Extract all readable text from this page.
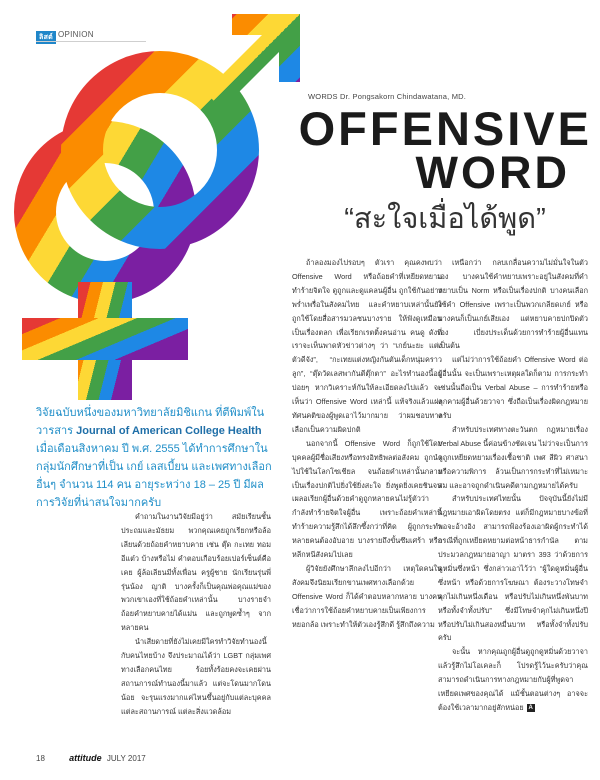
ลิสต์ OPINION
WORDS Dr. Pongsakorn Chindawatana, MD.
OFFENSIVE
WORD
“สะใจเมื่อได้พูด”
วิจัยฉบับหนึ่งของมหาวิทยาลัยมิชิแกน ที่ตีพิมพ์ในวารสาร Journal of American College Health เมื่อเดือนสิงหาคม ปี พ.ศ. 2555 ได้ทำการศึกษาในกลุ่มนักศึกษาที่เป็น เกย์ เลสเบี้ยน และเพศทางเลือกอื่นๆ จำนวน 114 คน อายุระหว่าง 18 – 25 ปี มีผลการวิจัยที่น่าสนใจมากครับ

คำถามในงานวิจัยมีอยู่ว่า สมัยเรียนชั้นประถมและมัธยม พวกคุณเคยถูกเรียกหรือล้อเลียนด้วยถ้อยคำหยาบคาย เช่น ตุ๊ด กะเทย ทอม อีแต๋ว บ้างหรือไม่ คำตอบเกือบร้อยเปอร์เซ็นต์คือเคย ผู้ล้อเลียนมีทั้งเพื่อน ครูผู้ชาย นักเรียนรุ่นพี่รุ่นน้อง ญาติ บางครั้งก็เป็นคุณพ่อคุณแม่ของพวกเขาเองที่ใช้ถ้อยคำเหล่านั้น บางรายจำถ้อยคำหยาบคายได้แม่น และถูกพูดซ้ำๆ จากหลายคน

นำเสียดายที่ยังไม่เคยมีใครทำวิจัยทำนองนี้กับคนไทยบ้าง จึงประมาณได้ว่า LGBT กลุ่มเพศทางเลือกคนไทย ร้อยทั้งร้อยคงจะเคยผ่านสถานการณ์ทำนองนี้มาแล้ว แต่จะโดนมากโดนน้อย จะรุนแรงมากแค่ไหนขึ้นอยู่กับแต่ละบุคคล แต่ละสถานการณ์ แต่ละสิ่งแวดล้อม

ถ้าลองมองไปรอบๆ ตัวเรา คุณคงพบว่า Offensive Word หรือถ้อยคำที่เหยียดหยาม ทำร้ายจิตใจ ดูถูกและดูแคลนผู้อื่น ถูกใช้กันอย่างพร่ำเพรื่อในสังคมไทย และคำหยาบเหล่านั้นยังถูกใช้โดยสื่อสารมวลชนบางราย ให้ฟังดูเหมือนเป็นเรื่องตลก เพื่อเรียกเรตติ้งคนอ่าน คนดู ดังที่เราจะเห็นพาดหัวข่าวต่างๆ ว่า “เกย์นะยะ แต่งตัวดีจัง”, “กะเทยแต่งหญิงกันตันเด็กหนุ่มคราวลูก”, “ตุ๊ดวัดเลสพากันตีตุ๊กตา” อะไรทำนองนี้อยู่บ่อยๆ หากวิเคราะห์กันให้ละเอียดลงไปแล้ว จะเห็นว่า Offensive Word เหล่านี้ แท้จริงแล้วแฝงทัศนคติของผู้พูดเอาไว้มากมาย ว่าผมชอบทางเลือกเป็นความผิดปกติ

นอกจากนี้ Offensive Word ก็ถูกใช้โดยบุคคลผู้มีชื่อเสียงหรือทรงอิทธิพลต่อสังคม ถูกนำไปใช้ในโลกโซเชียล จนถ้อยคำเหล่านั้นกลายเป็นเรื่องปกติไปยิ่งใช้ยิ่งสะใจ ยิ่งพูดยิ่งเคยชินจนเผลอเรียกผู้อื่นด้วยคำดูถูกหลายคนไม่รู้ตัวว่ากำลังทำร้ายจิตใจผู้อื่น เพราะถ้อยคำเหล่านี้ทำร้ายความรู้สึกได้ลึกซึ้งกว่าที่คิด ผู้ถูกกระทำหลายคนต้องอับอาย บางรายถึงขั้นซึมเศร้า หรือหลีกหนีสังคมไปเลย

ผู้วิจัยยังศึกษาลึกลงไปอีกว่า เหตุใดคนในสังคมจึงนิยมเรียกขานเพศทางเลือกด้วย Offensive Word ก็ได้คำตอบหลากหลาย บางคนเชื่อว่าการใช้ถ้อยคำหยาบคายเป็นเพียงการหยอกล้อ เพราะทำให้ตัวเองรู้สึกดี รู้สึกถึงความ

เหนือกว่า กลบเกลื่อนความไม่มั่นใจในตัวเอง บางคนใช้คำหยาบเพราะอยู่ในสังคมที่คำหยาบเป็น Norm หรือเป็นเรื่องปกติ บางคนเลือกใช้คำ Offensive เพราะเป็นพวกเกลียดเกย์ หรือบางคนก็เป็นเกย์เสียเอง แต่หยาบคายปกปิดตัวเอง เบี่ยงประเด็นด้วยการทำร้ายผู้อื่นแทน เป็นต้น

แต่ไม่ว่าการใช้ถ้อยคำ Offensive Word ต่อผู้อื่นนั้น จะเป็นเพราะเหตุผลใดก็ตาม การกระทำเช่นนั้นถือเป็น Verbal Abuse – การทำร้ายหรือคุกคามผู้อื่นด้วยวาจา ซึ่งถือเป็นเรื่องผิดกฎหมายครับ

สำหรับประเทศทางตะวันตก กฎหมายเรื่อง Verbal Abuse นี้ค่อนข้างชัดเจน ไม่ว่าจะเป็นการดูถูกเหยียดหยามเรื่องเชื้อชาติ เพศ สีผิว ศาสนา หรือความพิการ ล้วนเป็นการกระทำที่ไม่เหมาะสม และอาจถูกดำเนินคดีตามกฎหมายได้ครับ

สำหรับประเทศไทยนั้น ปัจจุบันนี้ยังไม่มีกฎหมายเอาผิดโดยตรง แต่ก็มีกฎหมายบางข้อที่พอจะอ้างอิง สามารถฟ้องร้องเอาผิดผู้กระทำได้ กรณีที่ถูกเหยียดหยามต่อหน้าธารกำนัล ตามประมวลกฎหมายอาญา มาตรา 393 ว่าด้วยการดูหมิ่นซึ่งหน้า ซึ่งกล่าวเอาไว้ว่า “ผู้ใดดูหมิ่นผู้อื่นซึ่งหน้า หรือด้วยการโฆษณา ต้องระวางโทษจำคุกไม่เกินหนึ่งเดือน หรือปรับไม่เกินหนึ่งพันบาท หรือทั้งจำทั้งปรับ” ซึ่งมีโทษจำคุกไม่เกินหนึ่งปี หรือปรับไม่เกินสองหมื่นบาท หรือทั้งจำทั้งปรับครับ

จะนั้น หากคุณถูกผู้อื่นดูถูกดูหมิ่นด้วยวาจาแล้วรู้สึกไม่โอเคละก็ โปรดรู้ไว้นะครับว่าคุณสามารถดำเนินการทางกฎหมายกับผู้ที่พูดจาเหยียดเพศของคุณได้ แม้ชั้นตอนต่างๆ อาจจะต้องใช้เวลามากอยู่สักหน่อย A

18	attitude JULY 2017
